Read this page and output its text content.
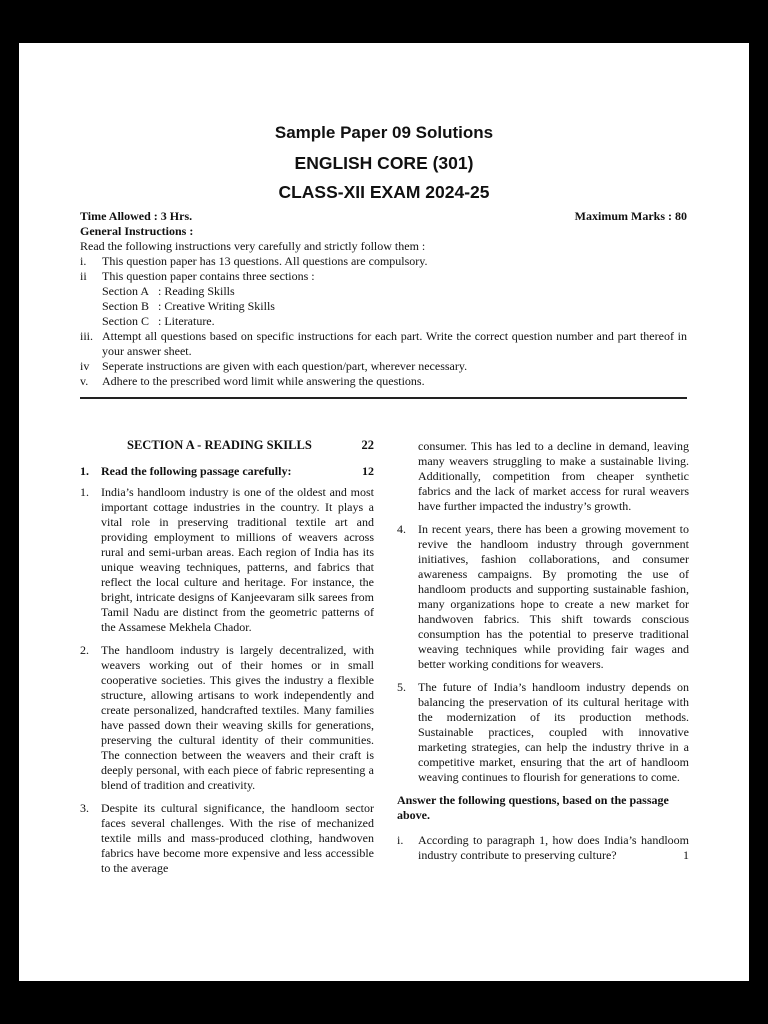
Sample Paper 09 Solutions
ENGLISH CORE (301)
CLASS-XII EXAM 2024-25
Time Allowed : 3 Hrs.	Maximum Marks : 80
General Instructions :
Read the following instructions very carefully and strictly follow them :
i.	This question paper has 13 questions. All questions are compulsory.
ii	This question paper contains three sections :
Section A : Reading Skills
Section B : Creative Writing Skills
Section C : Literature.
iii. Attempt all questions based on specific instructions for each part. Write the correct question number and part thereof in your answer sheet.
iv	Seperate instructions are given with each question/part, wherever necessary.
v.	Adhere to the prescribed word limit while answering the questions.
SECTION A - READING SKILLS	22
1.	Read the following passage carefully:	12
1.	India’s handloom industry is one of the oldest and most important cottage industries in the country. It plays a vital role in preserving traditional textile art and providing employment to millions of weavers across rural and semi-urban areas. Each region of India has its unique weaving techniques, patterns, and fabrics that reflect the local culture and heritage. For instance, the bright, intricate designs of Kanjeevaram silk sarees from Tamil Nadu are distinct from the geometric patterns of the Assamese Mekhela Chador.
2.	The handloom industry is largely decentralized, with weavers working out of their homes or in small cooperative societies. This gives the industry a flexible structure, allowing artisans to work independently and create personalized, handcrafted textiles. Many families have passed down their weaving skills for generations, preserving the cultural identity of their communities. The connection between the weavers and their craft is deeply personal, with each piece of fabric representing a blend of tradition and creativity.
3.	Despite its cultural significance, the handloom sector faces several challenges. With the rise of mechanized textile mills and mass-produced clothing, handwoven fabrics have become more expensive and less accessible to the average
consumer. This has led to a decline in demand, leaving many weavers struggling to make a sustainable living. Additionally, competition from cheaper synthetic fabrics and the lack of market access for rural weavers have further impacted the industry’s growth.
4.	In recent years, there has been a growing movement to revive the handloom industry through government initiatives, fashion collaborations, and consumer awareness campaigns. By promoting the use of handloom products and supporting sustainable fashion, many organizations hope to create a new market for handwoven fabrics. This shift towards conscious consumption has the potential to preserve traditional weaving techniques while providing fair wages and better working conditions for weavers.
5.	The future of India’s handloom industry depends on balancing the preservation of its cultural heritage with the modernization of its production methods. Sustainable practices, coupled with innovative marketing strategies, can help the industry thrive in a competitive market, ensuring that the art of handloom weaving continues to flourish for generations to come.
Answer the following questions, based on the passage above.
i.	According to paragraph 1, how does India’s handloom industry contribute to preserving culture?	1
